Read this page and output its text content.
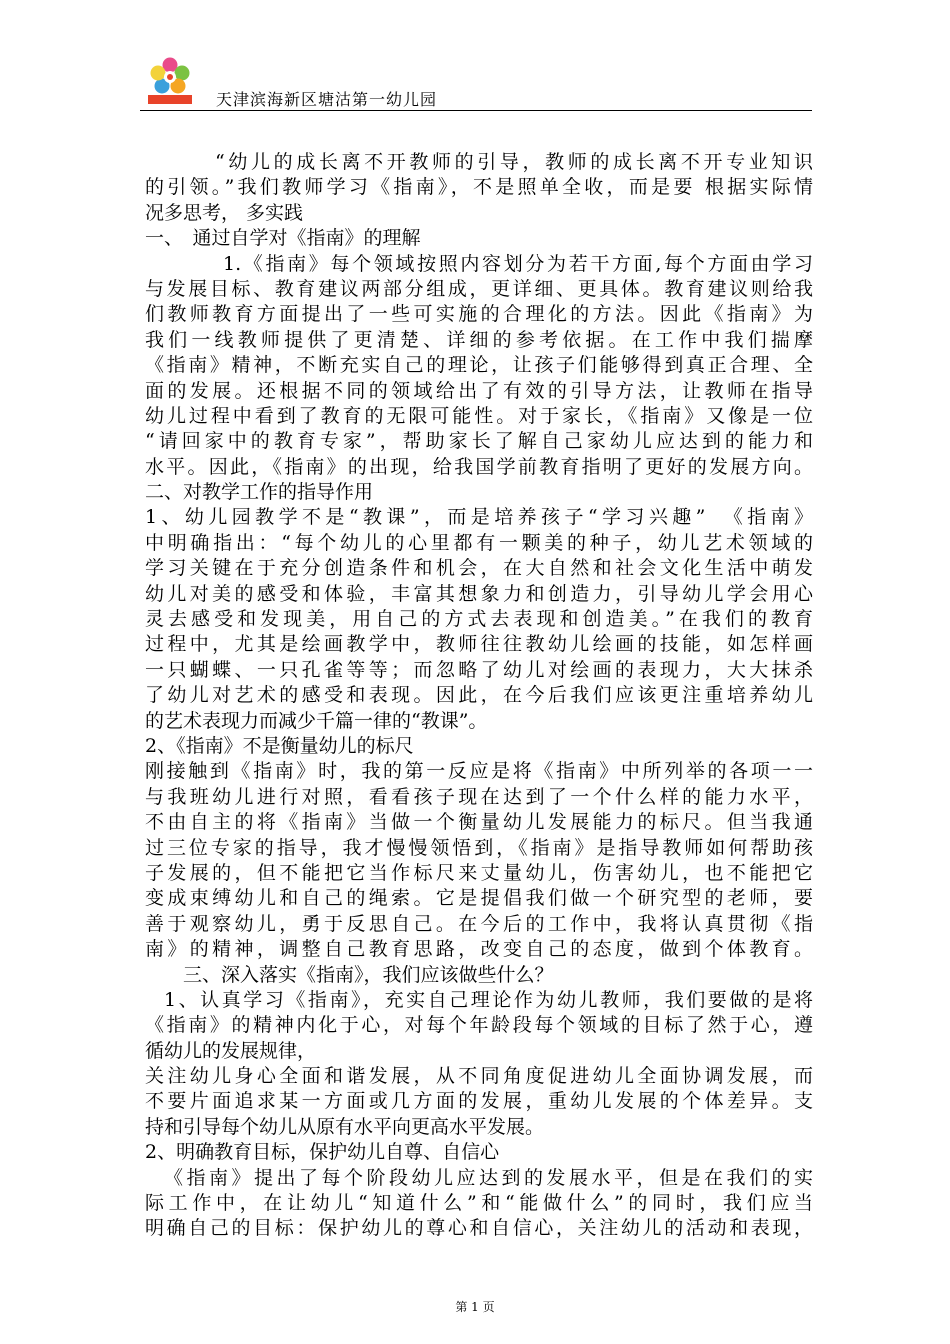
天津滨海新区塘沽第一幼儿园
“幼儿的成长离不开教师的引导，教师的成长离不开专业知识
的引领。”我们教师学习《指南》，不是照单全收，而是要 根据实际情
况多思考， 多实践
一、　通过自学对《指南》的理解
1.《指南》每个领域按照内容划分为若干方面,每个方面由学习
与发展目标、教育建议两部分组成，更详细、更具体。教育建议则给我
们教师教育方面提出了一些可实施的合理化的方法。因此《指南》为
我们一线教师提供了更清楚、详细的参考依据。在工作中我们揣摩
《指南》精神，不断充实自己的理论，让孩子们能够得到真正合理、全
面的发展。还根据不同的领域给出了有效的引导方法，让教师在指导
幼儿过程中看到了教育的无限可能性。对于家长，《指南》又像是一位
“请回家中的教育专家”，帮助家长了解自己家幼儿应达到的能力和
水平。因此，《指南》的出现，给我国学前教育指明了更好的发展方向。
二、对教学工作的指导作用
1、幼儿园教学不是“教课”，而是培养孩子“学习兴趣”　《指南》
中明确指出：“每个幼儿的心里都有一颗美的种子，幼儿艺术领域的
学习关键在于充分创造条件和机会，在大自然和社会文化生活中萌发
幼儿对美的感受和体验，丰富其想象力和创造力，引导幼儿学会用心
灵去感受和发现美，用自己的方式去表现和创造美。”在我们的教育
过程中，尤其是绘画教学中，教师往往教幼儿绘画的技能，如怎样画
一只蝴蝶、一只孔雀等等；而忽略了幼儿对绘画的表现力，大大抹杀
了幼儿对艺术的感受和表现。因此，在今后我们应该更注重培养幼儿
的艺术表现力而减少千篇一律的“教课”。
2、《指南》不是衡量幼儿的标尺
刚接触到《指南》时，我的第一反应是将《指南》中所列举的各项一一
与我班幼儿进行对照，看看孩子现在达到了一个什么样的能力水平，
不由自主的将《指南》当做一个衡量幼儿发展能力的标尺。但当我通
过三位专家的指导，我才慢慢领悟到，《指南》是指导教师如何帮助孩
子发展的，但不能把它当作标尺来丈量幼儿，伤害幼儿，也不能把它
变成束缚幼儿和自己的绳索。它是提倡我们做一个研究型的老师，要
善于观察幼儿，勇于反思自己。在今后的工作中，我将认真贯彻《指
南》的精神，调整自己教育思路，改变自己的态度，做到个体教育。
三、深入落实《指南》，我们应该做些什么？
1、认真学习《指南》，充实自己理论作为幼儿教师，我们要做的是将
《指南》的精神内化于心，对每个年龄段每个领域的目标了然于心，遵
循幼儿的发展规律，
关注幼儿身心全面和谐发展，从不同角度促进幼儿全面协调发展，而
不要片面追求某一方面或几方面的发展，重幼儿发展的个体差异。支
持和引导每个幼儿从原有水平向更高水平发展。
2、明确教育目标，保护幼儿自尊、自信心
《指南》提出了每个阶段幼儿应达到的发展水平，但是在我们的实
际工作中，在让幼儿“知道什么”和“能做什么”的同时，我们应当
明确自己的目标：保护幼儿的尊心和自信心，关注幼儿的活动和表现，
第 1 页
